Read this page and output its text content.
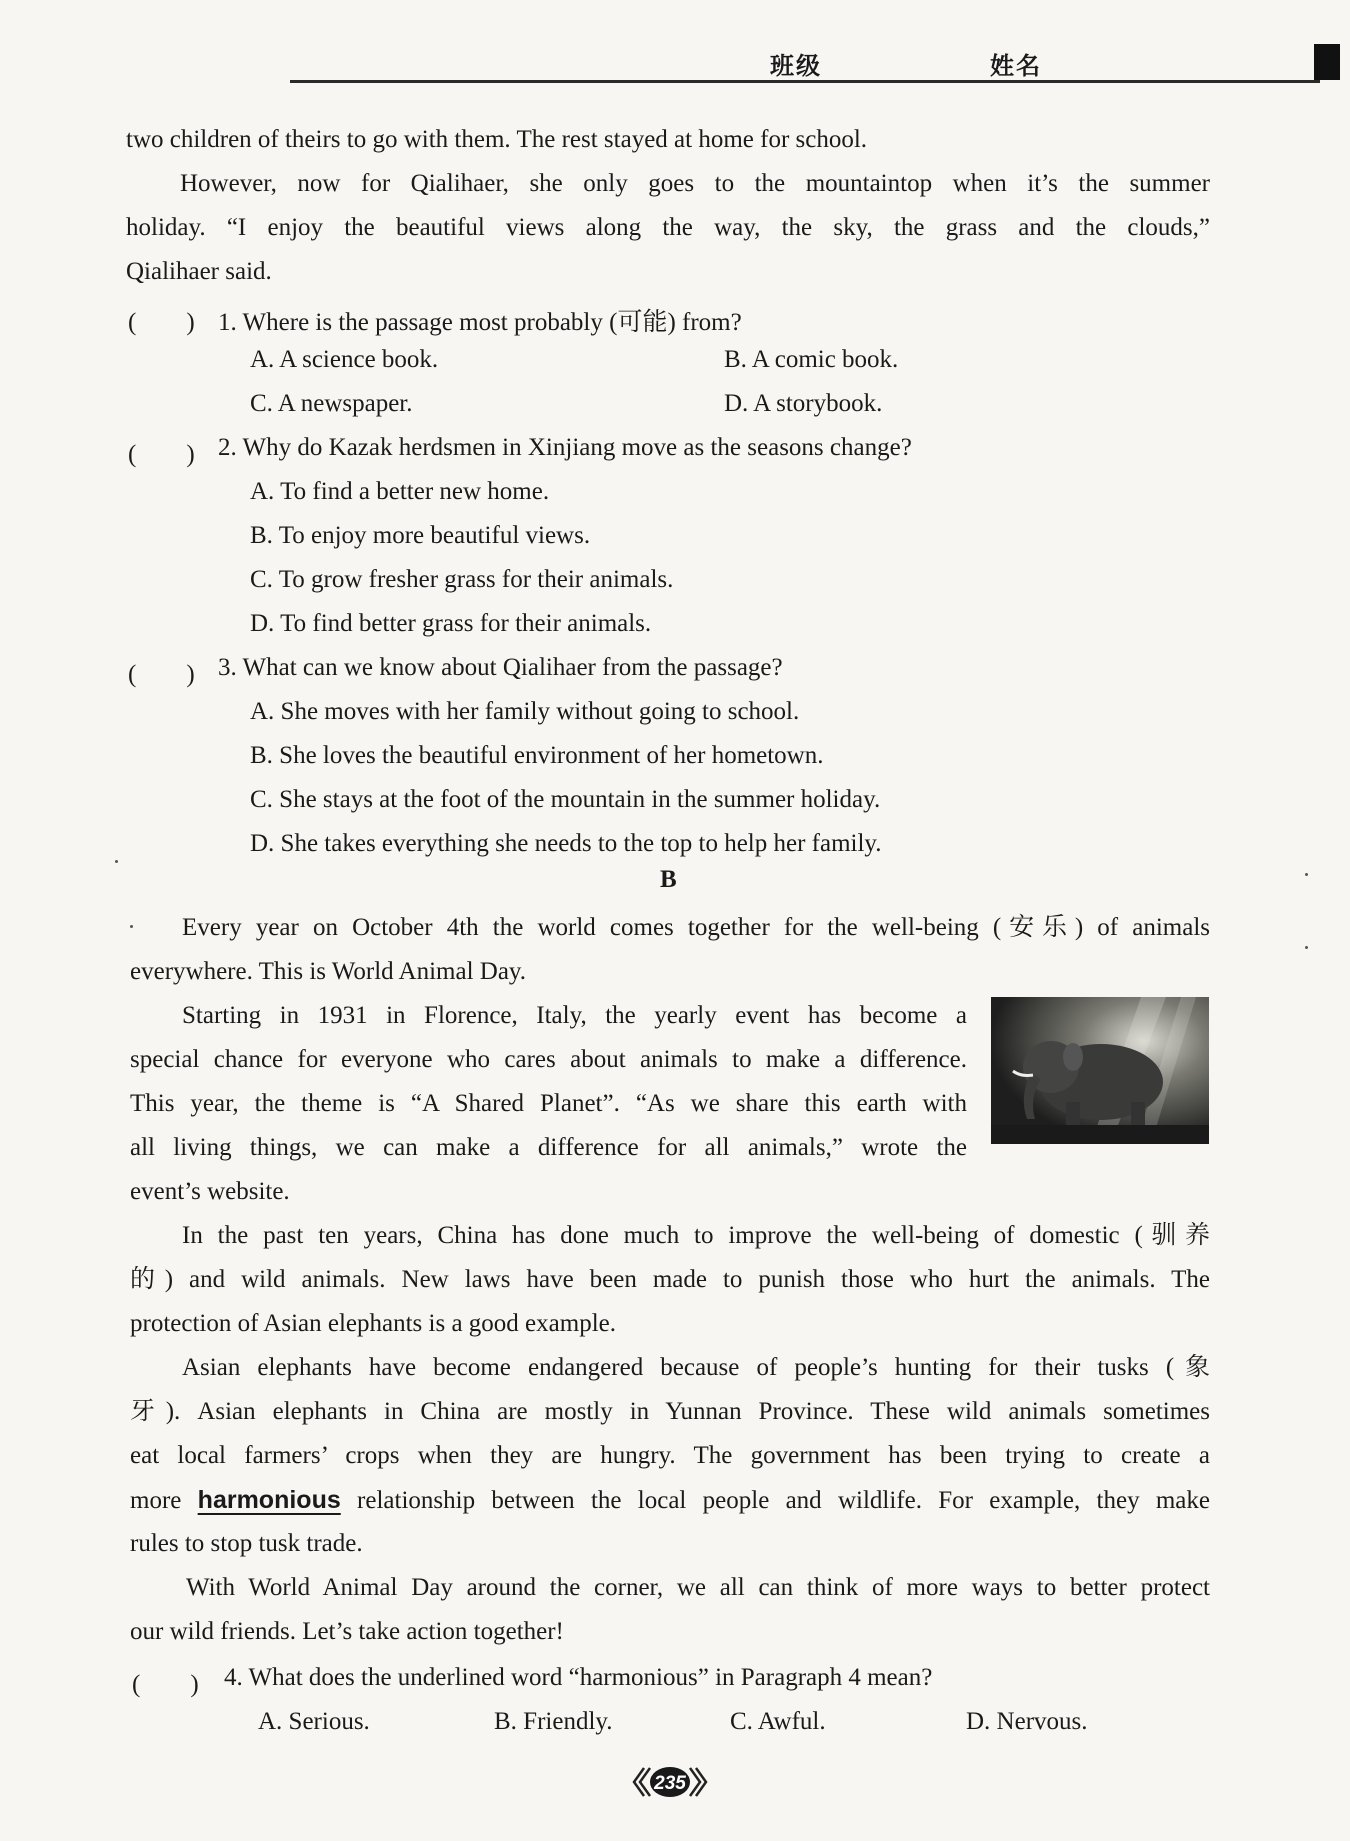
班级	姓名
two children of theirs to go with them. The rest stayed at home for school.
However, now for Qialihaer, she only goes to the mountaintop when it’s the summer
holiday. “I enjoy the beautiful views along the way, the sky, the grass and the clouds,”
Qialihaer said.
(　　) 1. Where is the passage most probably (可能) from?
A. A science book.	B. A comic book.
C. A newspaper.	D. A storybook.
(　　) 2. Why do Kazak herdsmen in Xinjiang move as the seasons change?
A. To find a better new home.
B. To enjoy more beautiful views.
C. To grow fresher grass for their animals.
D. To find better grass for their animals.
(　　) 3. What can we know about Qialihaer from the passage?
A. She moves with her family without going to school.
B. She loves the beautiful environment of her hometown.
C. She stays at the foot of the mountain in the summer holiday.
D. She takes everything she needs to the top to help her family.
B
Every year on October 4th the world comes together for the well-being (安乐) of animals
everywhere. This is World Animal Day.
Starting in 1931 in Florence, Italy, the yearly event has become a
special chance for everyone who cares about animals to make a difference.
This year, the theme is “A Shared Planet”. “As we share this earth with
all living things, we can make a difference for all animals,” wrote the
event’s website.
In the past ten years, China has done much to improve the well-being of domestic (驯养
的) and wild animals. New laws have been made to punish those who hurt the animals. The
protection of Asian elephants is a good example.
Asian elephants have become endangered because of people’s hunting for their tusks (象
牙). Asian elephants in China are mostly in Yunnan Province. These wild animals sometimes
eat local farmers’ crops when they are hungry. The government has been trying to create a
more harmonious relationship between the local people and wildlife. For example, they make
rules to stop tusk trade.
With World Animal Day around the corner, we all can think of more ways to better protect
our wild friends. Let’s take action together!
(　　) 4. What does the underlined word “harmonious” in Paragraph 4 mean?
A. Serious.	B. Friendly.	C. Awful.	D. Nervous.
235
